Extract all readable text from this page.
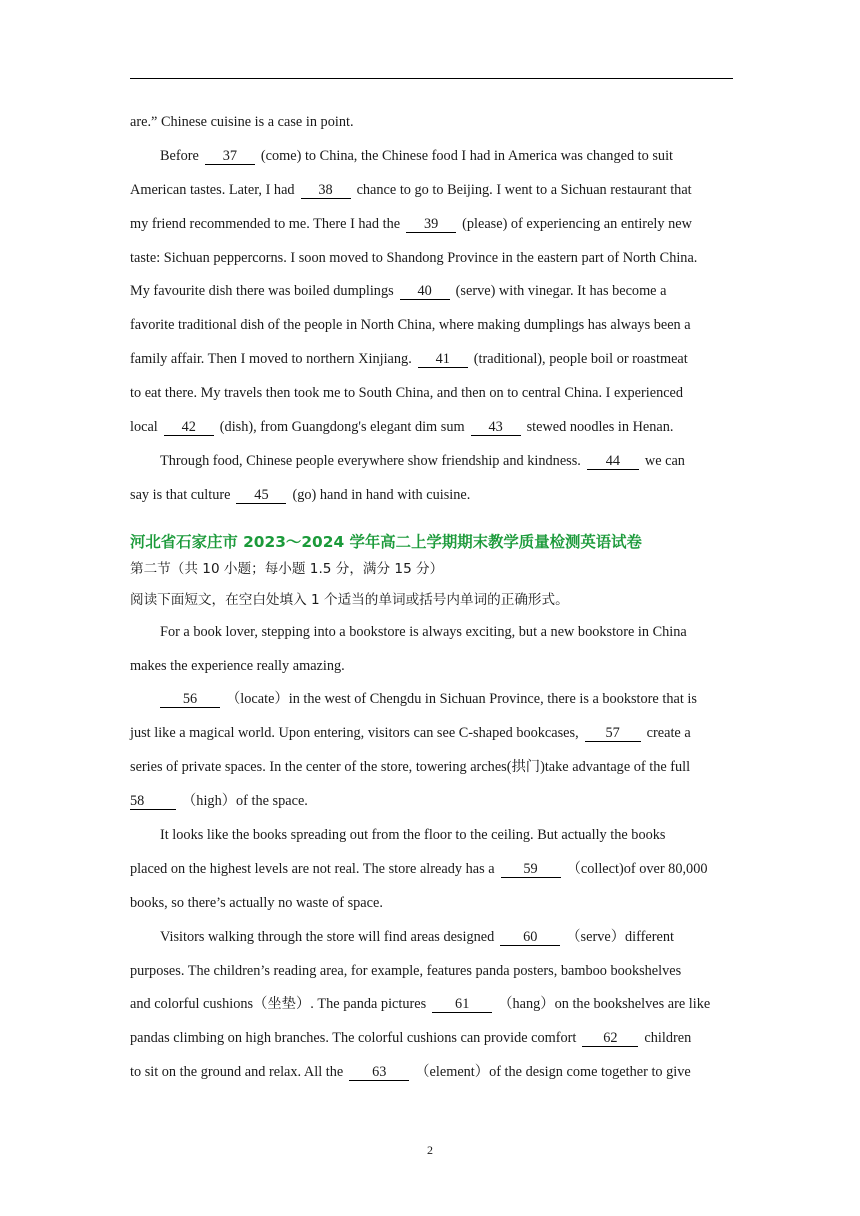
are.” Chinese cuisine is a case in point.
Before 37 (come) to China, the Chinese food I had in America was changed to suit
American tastes. Later, I had 38 chance to go to Beijing. I went to a Sichuan restaurant that
my friend recommended to me. There I had the 39 (please) of experiencing an entirely new
taste: Sichuan peppercorns. I soon moved to Shandong Province in the eastern part of North China.
My favourite dish there was boiled dumplings 40 (serve) with vinegar. It has become a
favorite traditional dish of the people in North China, where making dumplings has always been a
family affair. Then I moved to northern Xinjiang. 41 (traditional), people boil or roastmeat
to eat there. My travels then took me to South China, and then on to central China. I experienced
local 42 (dish), from Guangdong's elegant dim sum 43 stewed noodles in Henan.
Through food, Chinese people everywhere show friendship and kindness. 44 we can
say is that culture 45 (go) hand in hand with cuisine.
河北省石家庄市 2023～2024 学年高二上学期期末教学质量检测英语试卷
第二节（共 10 小题；每小题 1.5 分，满分 15 分）
阅读下面短文，在空白处填入 1 个适当的单词或括号内单词的正确形式。
For a book lover, stepping into a bookstore is always exciting, but a new bookstore in China
makes the experience really amazing.
56 （locate）in the west of Chengdu in Sichuan Province, there is a bookstore that is
just like a magical world. Upon entering, visitors can see C-shaped bookcases, 57 create a
series of private spaces. In the center of the store, towering arches(拱门)take advantage of the full
58	（high）of the space.
It looks like the books spreading out from the floor to the ceiling. But actually the books
placed on the highest levels are not real. The store already has a 59 （collect)of over 80,000
books, so there’s actually no waste of space.
Visitors walking through the store will find areas designed 60 （serve）different
purposes. The children’s reading area, for example, features panda posters, bamboo bookshelves
and colorful cushions（坐垫）. The panda pictures 61 （hang）on the bookshelves are like
pandas climbing on high branches. The colorful cushions can provide comfort 62 children
to sit on the ground and relax. All the 63 （element）of the design come together to give
2
